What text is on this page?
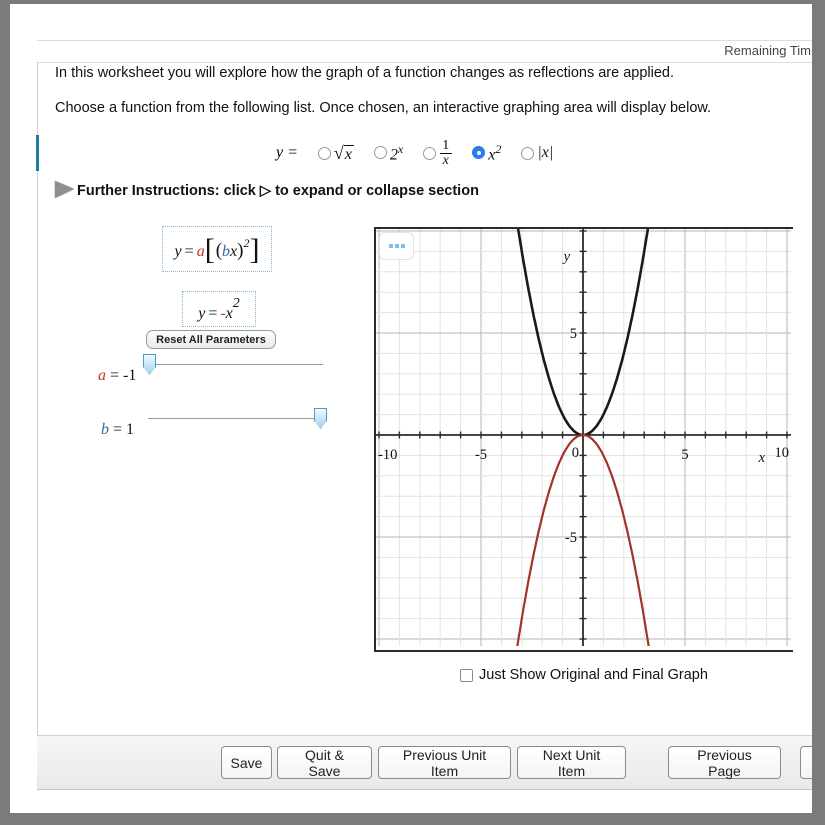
Remaining Tim
In this worksheet you will explore how the graph of a function changes as reflections are applied.
Choose a function from the following list. Once chosen, an interactive graphing area will display below.
y = √x 2$^x$	$\frac{1}{x} x^2$ |x|
Further Instructions: click ▷ to expand or collapse section
y = a[(bx)$^2$]
y = -x2
Reset All Parameters
a = -1
b = 1
-10	-5	0	5	10
5
-5
x
y
Just Show Original and Final Graph
Save	Quit & Save
Previous Unit Item
Next Unit Item
Previous Page
